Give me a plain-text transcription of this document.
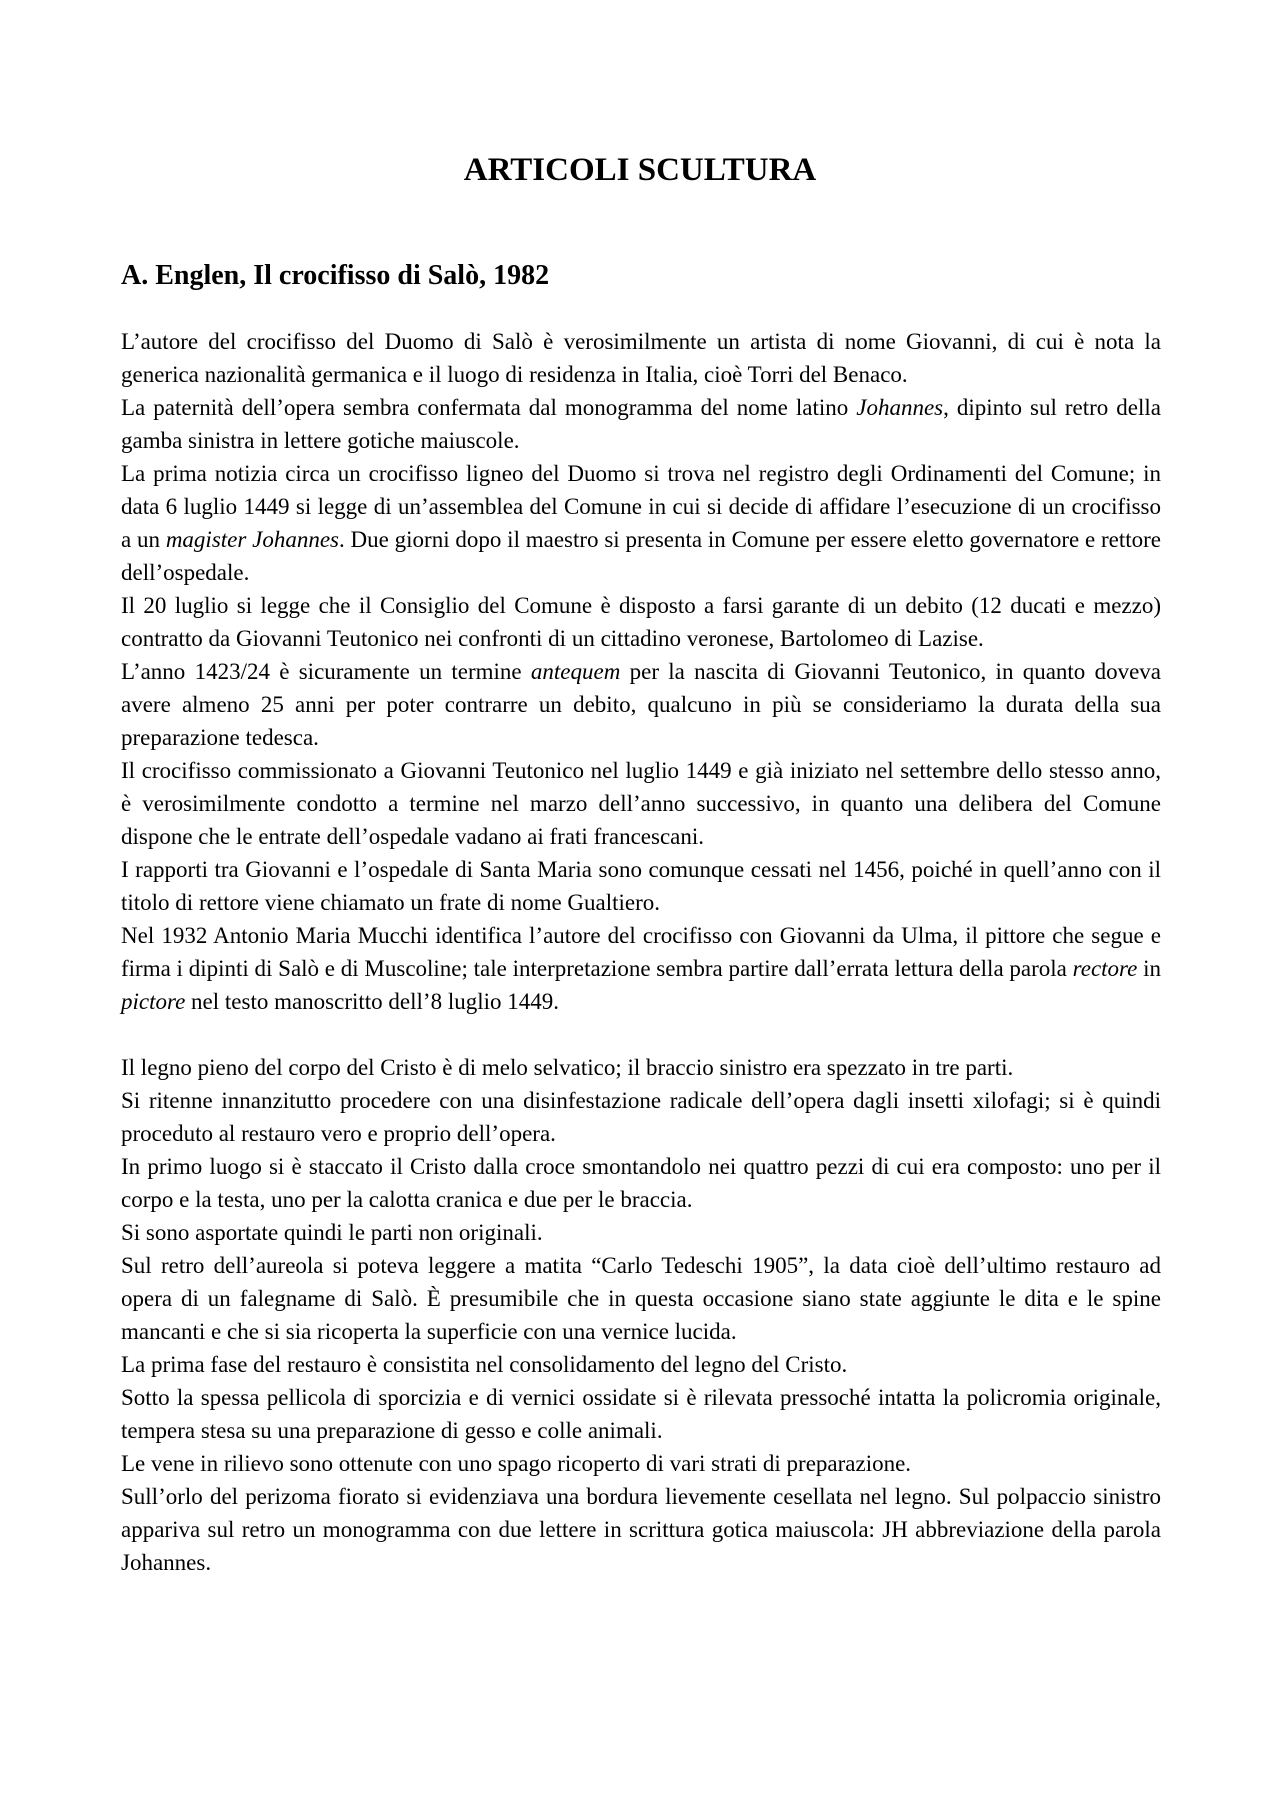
ARTICOLI SCULTURA
A. Englen, Il crocifisso di Salò, 1982

L’autore del crocifisso del Duomo di Salò è verosimilmente un artista di nome Giovanni, di cui è nota la generica nazionalità germanica e il luogo di residenza in Italia, cioè Torri del Benaco.

La paternità dell’opera sembra confermata dal monogramma del nome latino Johannes, dipinto sul retro della gamba sinistra in lettere gotiche maiuscole.

La prima notizia circa un crocifisso ligneo del Duomo si trova nel registro degli Ordinamenti del Comune; in data 6 luglio 1449 si legge di un’assemblea del Comune in cui si decide di affidare l’esecuzione di un crocifisso a un magister Johannes. Due giorni dopo il maestro si presenta in Comune per essere eletto governatore e rettore dell’ospedale.

Il 20 luglio si legge che il Consiglio del Comune è disposto a farsi garante di un debito (12 ducati e mezzo) contratto da Giovanni Teutonico nei confronti di un cittadino veronese, Bartolomeo di Lazise.

L’anno 1423/24 è sicuramente un termine antequem per la nascita di Giovanni Teutonico, in quanto doveva avere almeno 25 anni per poter contrarre un debito, qualcuno in più se consideriamo la durata della sua preparazione tedesca.

Il crocifisso commissionato a Giovanni Teutonico nel luglio 1449 e già iniziato nel settembre dello stesso anno, è verosimilmente condotto a termine nel marzo dell’anno successivo, in quanto una delibera del Comune dispone che le entrate dell’ospedale vadano ai frati francescani.

I rapporti tra Giovanni e l’ospedale di Santa Maria sono comunque cessati nel 1456, poiché in quell’anno con il titolo di rettore viene chiamato un frate di nome Gualtiero.

Nel 1932 Antonio Maria Mucchi identifica l’autore del crocifisso con Giovanni da Ulma, il pittore che segue e firma i dipinti di Salò e di Muscoline; tale interpretazione sembra partire dall’errata lettura della parola rectore in pictore nel testo manoscritto dell’8 luglio 1449.

Il legno pieno del corpo del Cristo è di melo selvatico; il braccio sinistro era spezzato in tre parti.

Si ritenne innanzitutto procedere con una disinfestazione radicale dell’opera dagli insetti xilofagi; si è quindi proceduto al restauro vero e proprio dell’opera.

In primo luogo si è staccato il Cristo dalla croce smontandolo nei quattro pezzi di cui era composto: uno per il corpo e la testa, uno per la calotta cranica e due per le braccia.

Si sono asportate quindi le parti non originali.

Sul retro dell’aureola si poteva leggere a matita “Carlo Tedeschi 1905”, la data cioè dell’ultimo restauro ad opera di un falegname di Salò. È presumibile che in questa occasione siano state aggiunte le dita e le spine mancanti e che si sia ricoperta la superficie con una vernice lucida.

La prima fase del restauro è consistita nel consolidamento del legno del Cristo.

Sotto la spessa pellicola di sporcizia e di vernici ossidate si è rilevata pressoché intatta la policromia originale, tempera stesa su una preparazione di gesso e colle animali.

Le vene in rilievo sono ottenute con uno spago ricoperto di vari strati di preparazione.

Sull’orlo del perizoma fiorato si evidenziava una bordura lievemente cesellata nel legno. Sul polpaccio sinistro appariva sul retro un monogramma con due lettere in scrittura gotica maiuscola: JH abbreviazione della parola Johannes.
